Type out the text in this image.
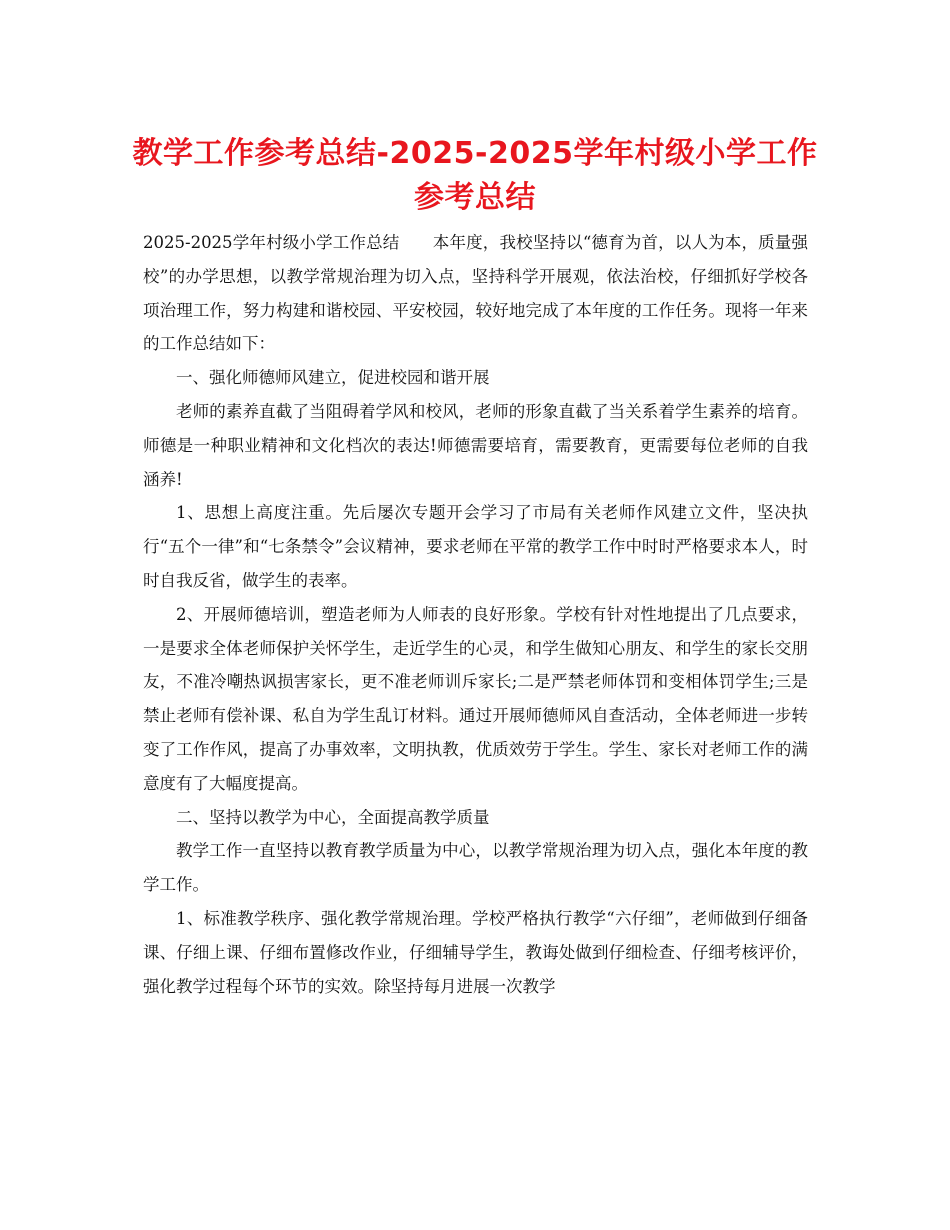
教学工作参考总结-2025-2025学年村级小学工作参考总结

2025-2025学年村级小学工作总结　　本年度，我校坚持以“德育为首，以人为本，质量强校”的办学思想，以教学常规治理为切入点，坚持科学开展观，依法治校，仔细抓好学校各项治理工作，努力构建和谐校园、平安校园，较好地完成了本年度的工作任务。现将一年来的工作总结如下：

一、强化师德师风建立，促进校园和谐开展

老师的素养直截了当阻碍着学风和校风，老师的形象直截了当关系着学生素养的培育。师德是一种职业精神和文化档次的表达!师德需要培育，需要教育，更需要每位老师的自我涵养!

1、思想上高度注重。先后屡次专题开会学习了市局有关老师作风建立文件，坚决执行“五个一律”和“七条禁令”会议精神，要求老师在平常的教学工作中时时严格要求本人，时时自我反省，做学生的表率。

2、开展师德培训，塑造老师为人师表的良好形象。学校有针对性地提出了几点要求，一是要求全体老师保护关怀学生，走近学生的心灵，和学生做知心朋友、和学生的家长交朋友，不准冷嘲热讽损害家长，更不准老师训斥家长;二是严禁老师体罚和变相体罚学生;三是禁止老师有偿补课、私自为学生乱订材料。通过开展师德师风自查活动，全体老师进一步转变了工作作风，提高了办事效率，文明执教，优质效劳于学生。学生、家长对老师工作的满意度有了大幅度提高。

二、坚持以教学为中心，全面提高教学质量

教学工作一直坚持以教育教学质量为中心，以教学常规治理为切入点，强化本年度的教学工作。

1、标准教学秩序、强化教学常规治理。学校严格执行教学“六仔细”，老师做到仔细备课、仔细上课、仔细布置修改作业，仔细辅导学生，教诲处做到仔细检查、仔细考核评价，强化教学过程每个环节的实效。除坚持每月进展一次教学
